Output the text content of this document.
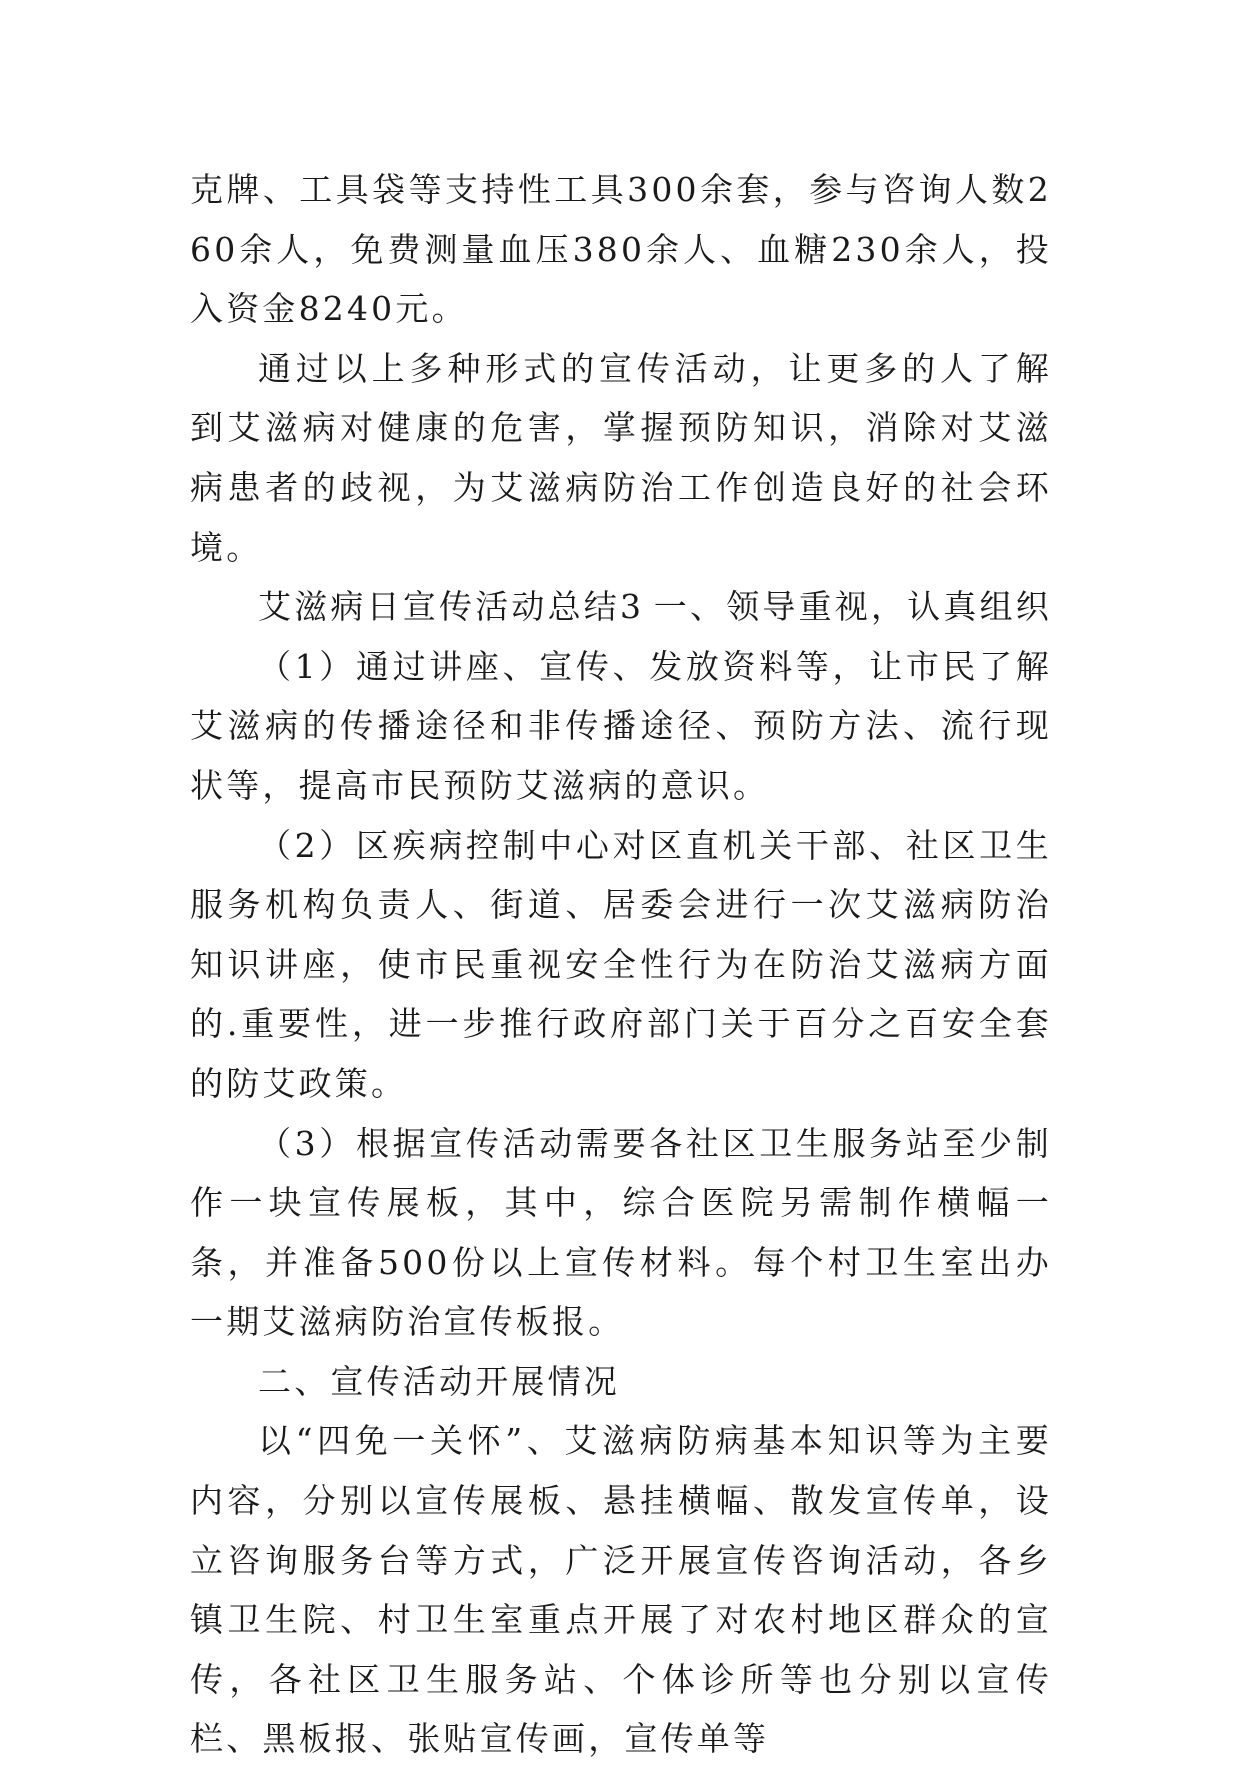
克牌、工具袋等支持性工具300余套，参与咨询人数260余人，免费测量血压380余人、血糖230余人，投入资金8240元。

通过以上多种形式的宣传活动，让更多的人了解到艾滋病对健康的危害，掌握预防知识，消除对艾滋病患者的歧视，为艾滋病防治工作创造良好的社会环境。

艾滋病日宣传活动总结3 一、领导重视，认真组织

（1）通过讲座、宣传、发放资料等，让市民了解艾滋病的传播途径和非传播途径、预防方法、流行现状等，提高市民预防艾滋病的意识。

（2）区疾病控制中心对区直机关干部、社区卫生服务机构负责人、街道、居委会进行一次艾滋病防治知识讲座，使市民重视安全性行为在防治艾滋病方面的.重要性，进一步推行政府部门关于百分之百安全套的防艾政策。

（3）根据宣传活动需要各社区卫生服务站至少制作一块宣传展板，其中，综合医院另需制作横幅一条，并准备500份以上宣传材料。每个村卫生室出办一期艾滋病防治宣传板报。

二、宣传活动开展情况

以“四免一关怀”、艾滋病防病基本知识等为主要内容，分别以宣传展板、悬挂横幅、散发宣传单，设立咨询服务台等方式，广泛开展宣传咨询活动，各乡镇卫生院、村卫生室重点开展了对农村地区群众的宣传，各社区卫生服务站、个体诊所等也分别以宣传栏、黑板报、张贴宣传画，宣传单等
